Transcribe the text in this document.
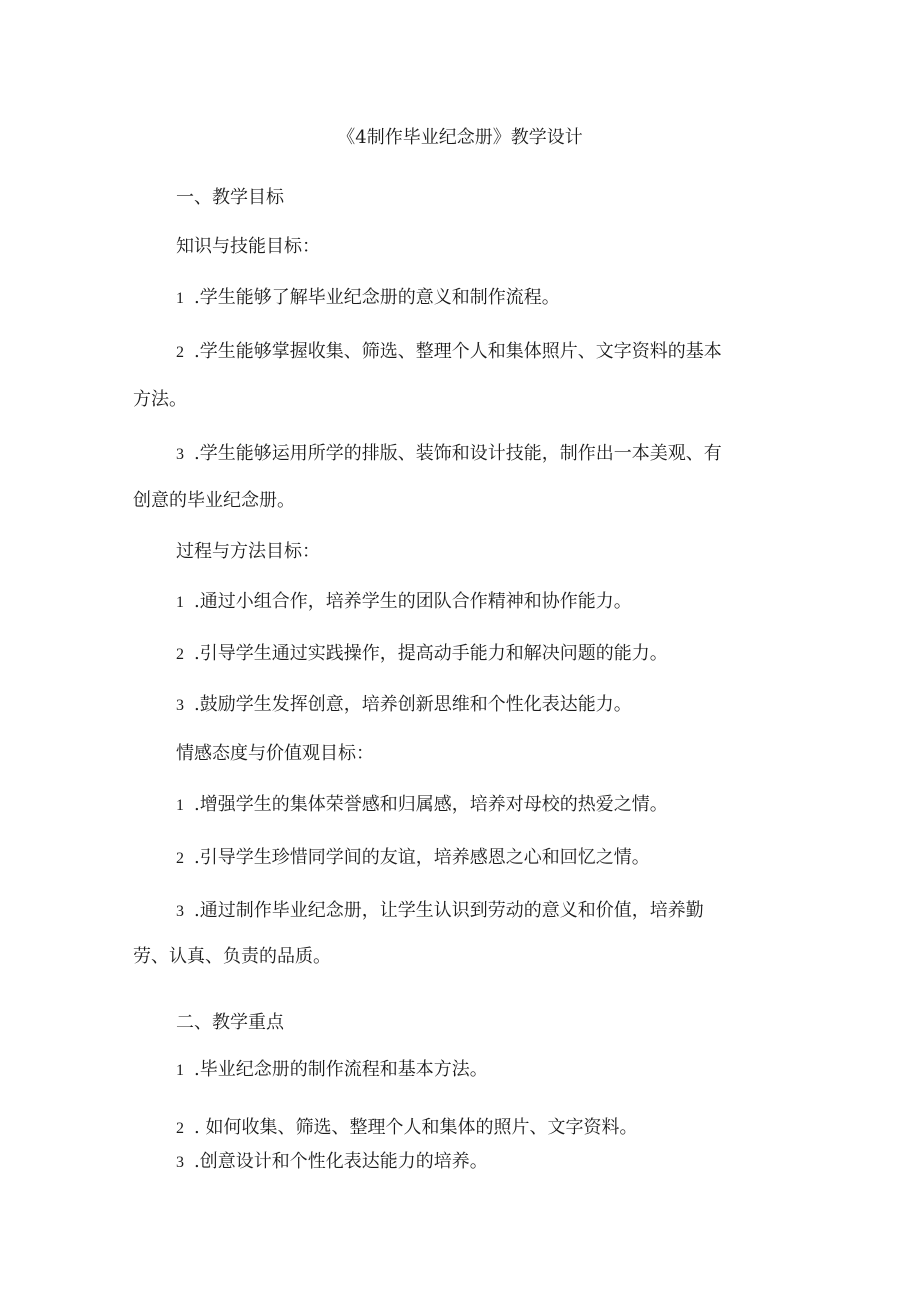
《4制作毕业纪念册》教学设计

一、教学目标

知识与技能目标：

1 .学生能够了解毕业纪念册的意义和制作流程。

2 .学生能够掌握收集、筛选、整理个人和集体照片、文字资料的基本

方法。

3 .学生能够运用所学的排版、装饰和设计技能，制作出一本美观、有

创意的毕业纪念册。

过程与方法目标：

1 .通过小组合作，培养学生的团队合作精神和协作能力。

2 .引导学生通过实践操作，提高动手能力和解决问题的能力。

3 .鼓励学生发挥创意，培养创新思维和个性化表达能力。

情感态度与价值观目标：

1 .增强学生的集体荣誉感和归属感，培养对母校的热爱之情。

2 .引导学生珍惜同学间的友谊，培养感恩之心和回忆之情。

3 .通过制作毕业纪念册，让学生认识到劳动的意义和价值，培养勤

劳、认真、负责的品质。

二、教学重点

1 .毕业纪念册的制作流程和基本方法。

2 . 如何收集、筛选、整理个人和集体的照片、文字资料。

3 .创意设计和个性化表达能力的培养。
